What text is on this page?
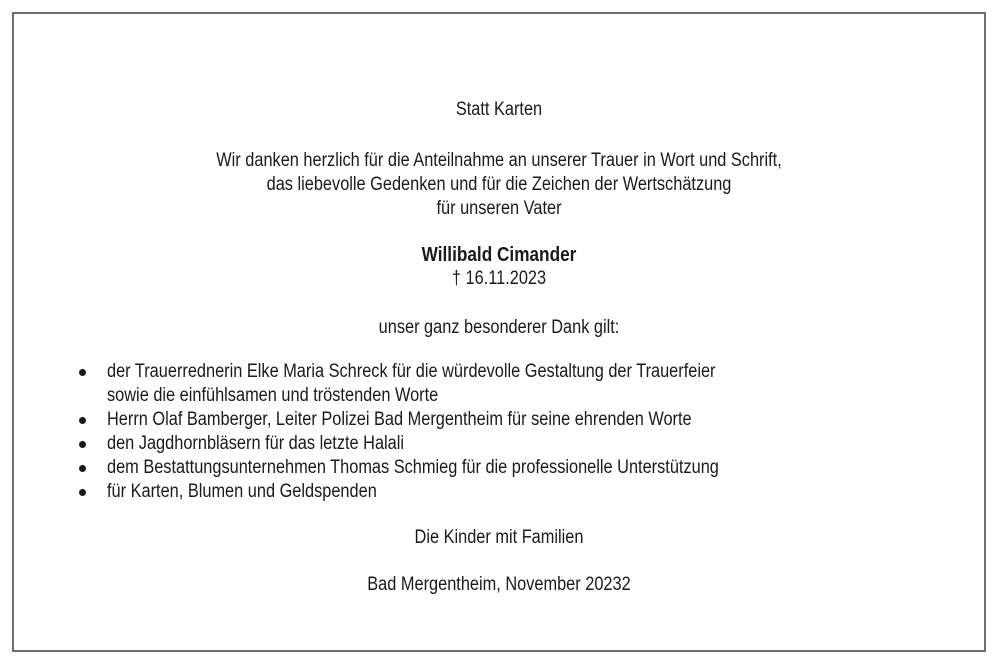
Statt Karten
Wir danken herzlich für die Anteilnahme an unserer Trauer in Wort und Schrift,
das liebevolle Gedenken und für die Zeichen der Wertschätzung
für unseren Vater
Willibald Cimander
† 16.11.2023
unser ganz besonderer Dank gilt:
der Trauerrednerin Elke Maria Schreck für die würdevolle Gestaltung der Trauerfeier
sowie die einfühlsamen und tröstenden Worte
Herrn Olaf Bamberger, Leiter Polizei Bad Mergentheim für seine ehrenden Worte
den Jagdhornbläsern für das letzte Halali
dem Bestattungsunternehmen Thomas Schmieg für die professionelle Unterstützung
für Karten, Blumen und Geldspenden
Die Kinder mit Familien
Bad Mergentheim, November 20232
